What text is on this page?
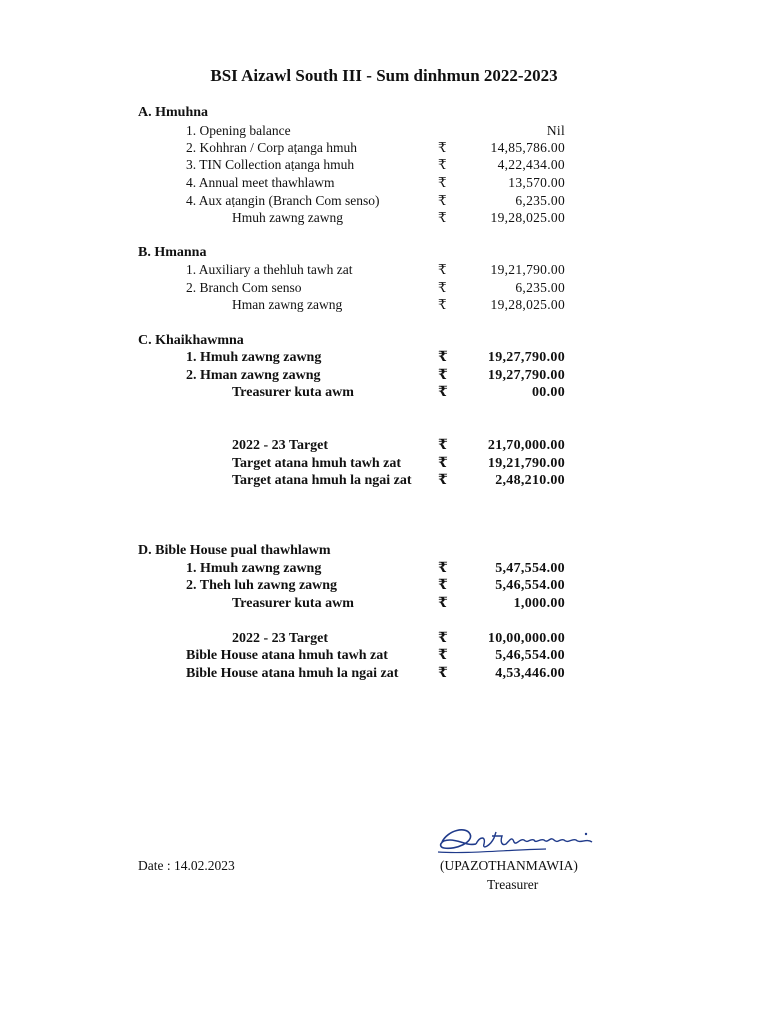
BSI Aizawl South III - Sum dinhmun 2022-2023
A. Hmuhna
1. Opening balance	Nil
2. Kohhran / Corp aṭanga hmuh	₹	14,85,786.00
3. TIN Collection aṭanga hmuh	₹	4,22,434.00
4. Annual meet thawhlawm	₹	13,570.00
4. Aux aṭangin (Branch Com senso)	₹	6,235.00
Hmuh zawng zawng	₹	19,28,025.00
B. Hmanna
1. Auxiliary a thehluh tawh zat	₹	19,21,790.00
2. Branch Com senso	₹	6,235.00
Hman zawng zawng	₹	19,28,025.00
C. Khaikhawmna
1. Hmuh zawng zawng	₹	19,27,790.00
2. Hman zawng zawng	₹	19,27,790.00
Treasurer kuta awm	₹	00.00
2022 - 23 Target	₹	21,70,000.00
Target atana hmuh tawh zat	₹	19,21,790.00
Target atana hmuh la ngai zat ₹	2,48,210.00
D. Bible House pual thawhlawm
1. Hmuh zawng zawng	₹	5,47,554.00
2. Theh luh zawng zawng	₹	5,46,554.00
Treasurer kuta awm	₹	1,000.00
2022 - 23 Target	₹	10,00,000.00
Bible House atana hmuh tawh zat	₹	5,46,554.00
Bible House atana hmuh la ngai zat	₹	4,53,446.00
Date : 14.02.2023	(UPAZOTHANMAWIA)
Treasurer
